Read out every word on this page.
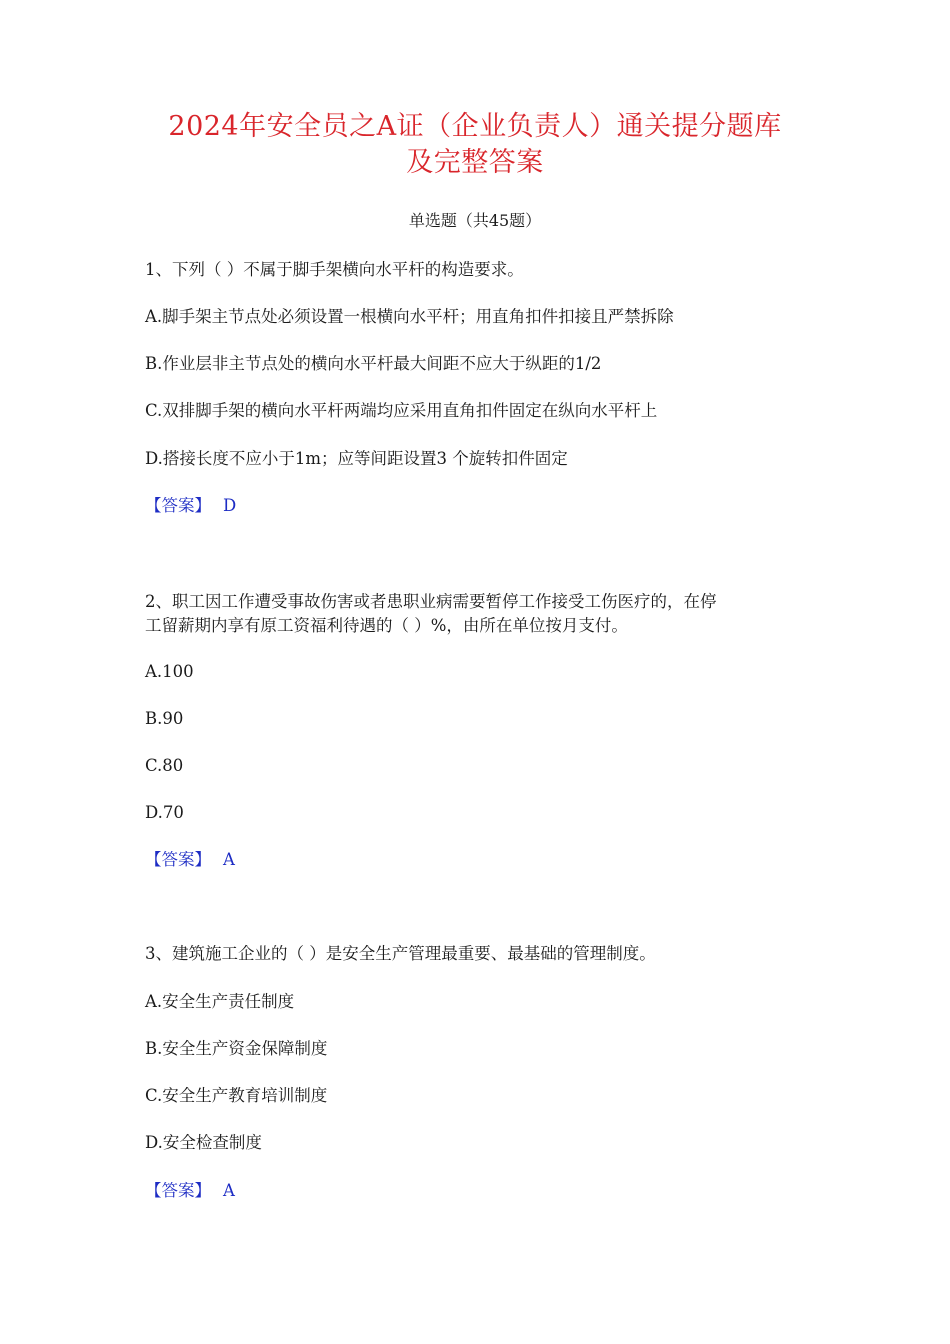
2024年安全员之A证（企业负责人）通关提分题库
及完整答案
单选题（共45题）
1、下列（ ）不属于脚手架横向水平杆的构造要求。
A.脚手架主节点处必须设置一根横向水平杆；用直角扣件扣接且严禁拆除
B.作业层非主节点处的横向水平杆最大间距不应大于纵距的1/2
C.双排脚手架的横向水平杆两端均应采用直角扣件固定在纵向水平杆上
D.搭接长度不应小于1m；应等间距设置3 个旋转扣件固定
【答案】 D
2、职工因工作遭受事故伤害或者患职业病需要暂停工作接受工伤医疗的，在停
工留薪期内享有原工资福利待遇的（ ）%，由所在单位按月支付。
A.100
B.90
C.80
D.70
【答案】 A
3、建筑施工企业的（ ）是安全生产管理最重要、最基础的管理制度。
A.安全生产责任制度
B.安全生产资金保障制度
C.安全生产教育培训制度
D.安全检查制度
【答案】 A
